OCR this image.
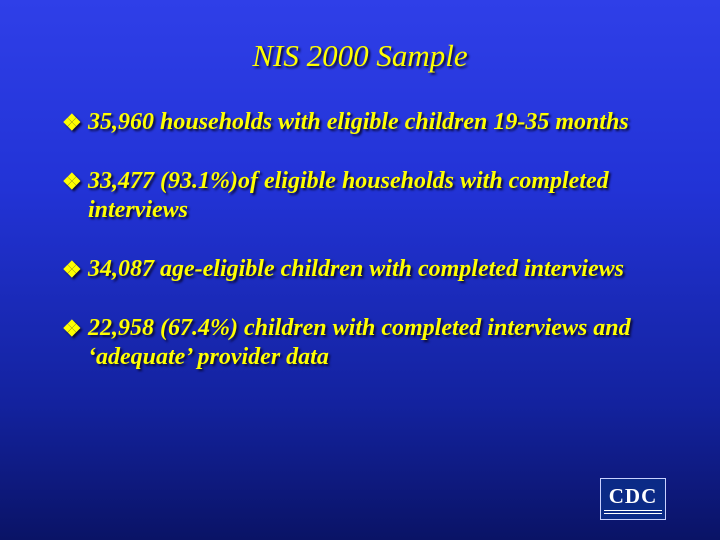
NIS 2000 Sample
❖ 35,960 households with eligible children 19-35 months
❖ 33,477 (93.1%)of eligible households with completed interviews
❖ 34,087 age-eligible children with completed interviews
❖ 22,958 (67.4%) children with completed interviews and ‘adequate’ provider data
CDC
